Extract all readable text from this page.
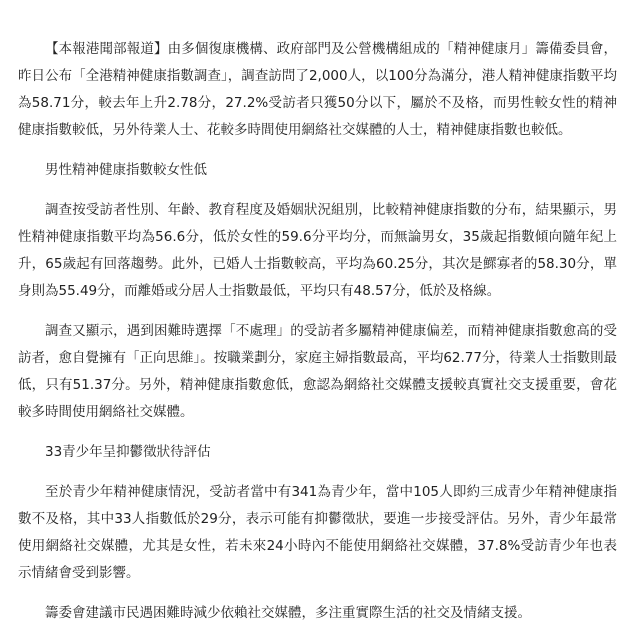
【本報港聞部報道】由多個復康機構、政府部門及公營機構組成的「精神健康月」籌備委員會，昨日公布「全港精神健康指數調查」，調查訪問了2,000人，以100分為滿分，港人精神健康指數平均為58.71分，較去年上升2.78分，27.2%受訪者只獲50分以下，屬於不及格，而男性較女性的精神健康指數較低，另外待業人士、花較多時間使用網絡社交媒體的人士，精神健康指數也較低。

男性精神健康指數較女性低

調查按受訪者性別、年齡、教育程度及婚姻狀況組別，比較精神健康指數的分布，結果顯示，男性精神健康指數平均為56.6分，低於女性的59.6分平均分，而無論男女，35歲起指數傾向隨年紀上升，65歲起有回落趨勢。此外，已婚人士指數較高，平均為60.25分，其次是鰥寡者的58.30分，單身則為55.49分，而離婚或分居人士指數最低，平均只有48.57分，低於及格線。

調查又顯示，遇到困難時選擇「不處理」的受訪者多屬精神健康偏差，而精神健康指數愈高的受訪者，愈自覺擁有「正向思維」。按職業劃分，家庭主婦指數最高，平均62.77分，待業人士指數則最低，只有51.37分。另外，精神健康指數愈低，愈認為網絡社交媒體支援較真實社交支援重要，會花較多時間使用網絡社交媒體。

33青少年呈抑鬱徵狀待評估

至於青少年精神健康情況，受訪者當中有341為青少年，當中105人即約三成青少年精神健康指數不及格，其中33人指數低於29分，表示可能有抑鬱徵狀，要進一步接受評估。另外，青少年最常使用網絡社交媒體，尤其是女性，若未來24小時內不能使用網絡社交媒體，37.8%受訪青少年也表示情緒會受到影響。

籌委會建議市民遇困難時減少依賴社交媒體，多注重實際生活的社交及情緒支援。
